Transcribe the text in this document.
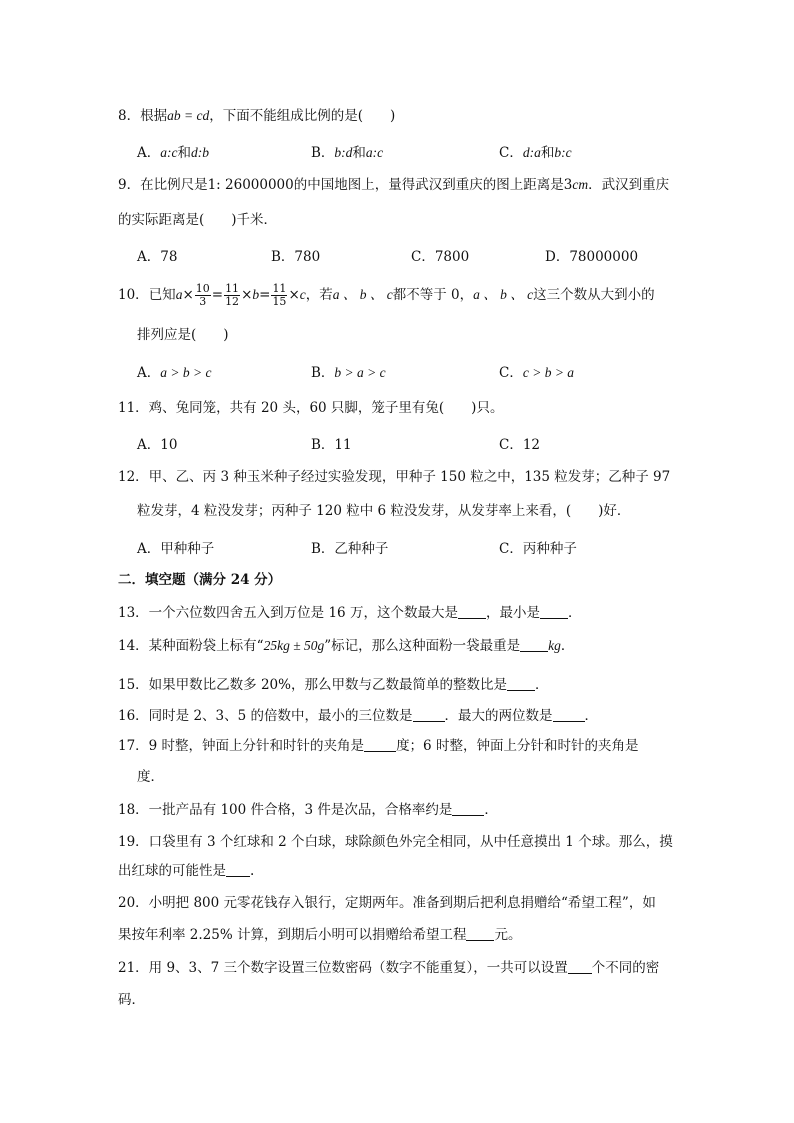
8．根据ab = cd，下面不能组成比例的是(　　)
A．a:c和d:b	B．b:d和a:c	C．d:a和b:c
9．在比例尺是1: 26000000的中国地图上，量得武汉到重庆的图上距离是3cm．武汉到重庆
的实际距离是(　　)千米．
A．78	B．780	C．7800	D．78000000
10．已知$a\times \frac{10}{3} = \frac{11}{12} \times b= \frac{11}{15} \times c$，若a 、 b 、 c都不等于 0，a 、 b 、 c这三个数从大到小的
排列应是(　　)
A．a > b > c	B．b > a > c	C．c > b > a
11．鸡、兔同笼，共有 20 头，60 只脚，笼子里有兔(　　)只。
A．10	B．11	C．12
12．甲、乙、丙 3 种玉米种子经过实验发现，甲种子 150 粒之中，135 粒发芽；乙种子 97
粒发芽，4 粒没发芽；丙种子 120 粒中 6 粒没发芽，从发芽率上来看，(　　)好．
A．甲种种子	B．乙种种子	C．丙种种子
二．填空题（满分 24 分）
13．一个六位数四舍五入到万位是 16 万，这个数最大是 ，最小是 ．
14．某种面粉袋上标有“25kg ± 50g”标记，那么这种面粉一袋最重是 kg．
15．如果甲数比乙数多 20%，那么甲数与乙数最简单的整数比是 ．
16．同时是 2、3、5 的倍数中，最小的三位数是 ．最大的两位数是 ．
17．9 时整，钟面上分针和时针的夹角是 度；6 时整，钟面上分针和时针的夹角是
度．
18．一批产品有 100 件合格，3 件是次品，合格率约是 ．
19．口袋里有 3 个红球和 2 个白球，球除颜色外完全相同，从中任意摸出 1 个球。那么，摸
出红球的可能性是 .
20．小明把 800 元零花钱存入银行，定期两年。准备到期后把利息捐赠给“希望工程”，如
果按年利率 2.25% 计算，到期后小明可以捐赠给希望工程 元。
21．用 9、3、7 三个数字设置三位数密码（数字不能重复），一共可以设置 个不同的密
码．
